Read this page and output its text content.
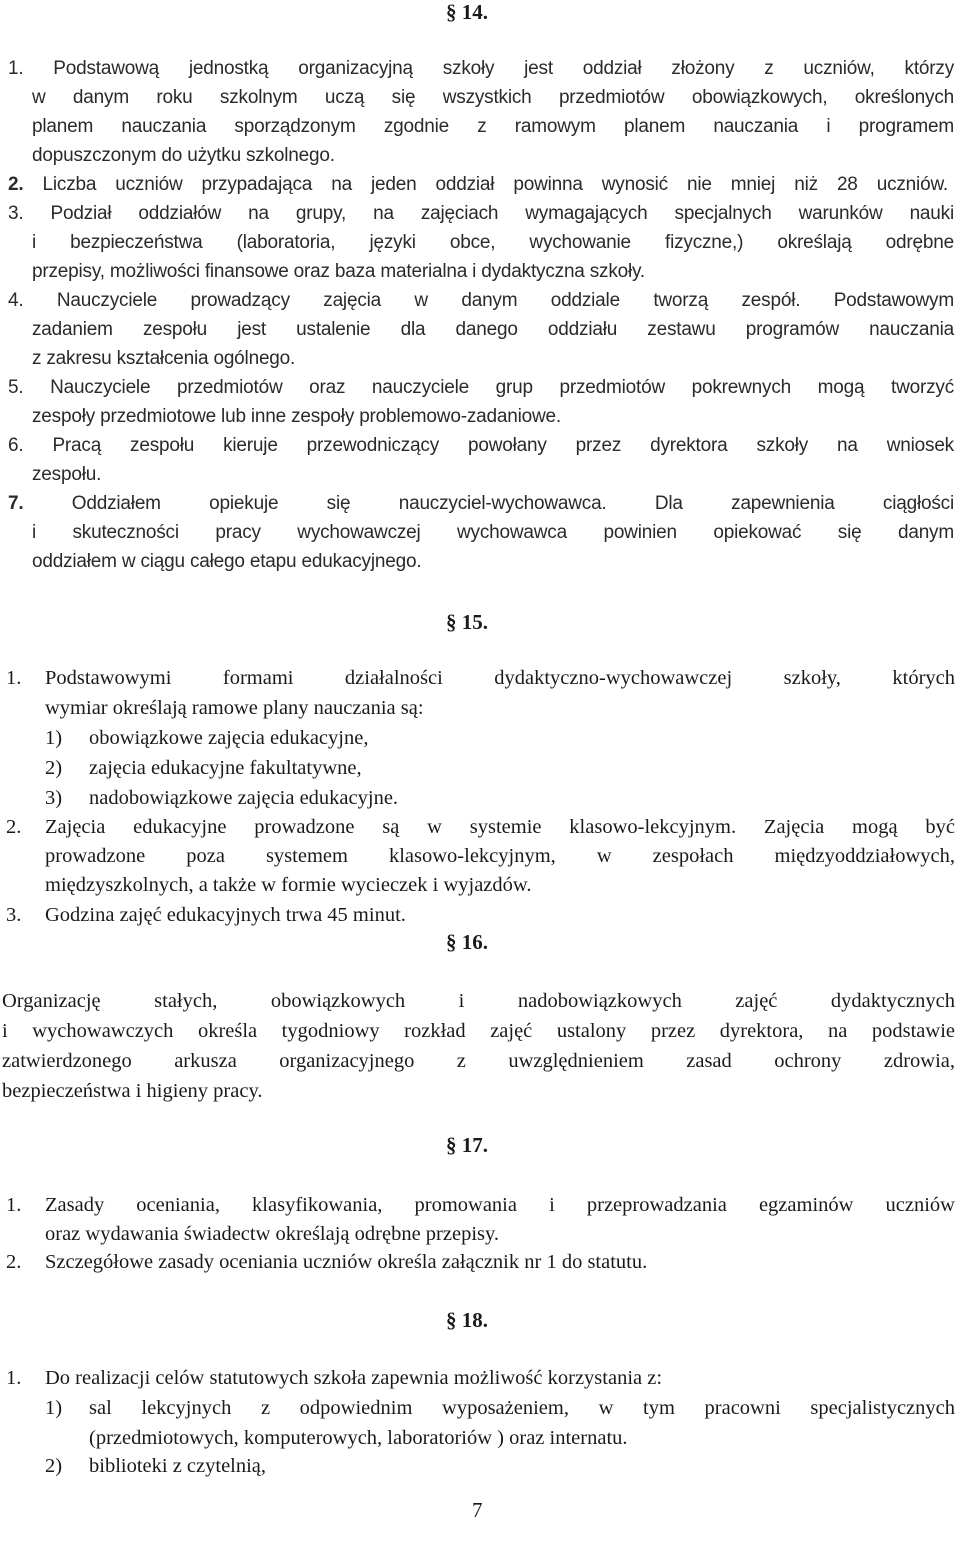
§ 14.
1. Podstawową jednostką organizacyjną szkoły jest oddział złożony z uczniów, którzy
w danym roku szkolnym uczą się wszystkich przedmiotów obowiązkowych, określonych
planem nauczania sporządzonym zgodnie z ramowym planem nauczania i programem
dopuszczonym do użytku szkolnego.
2. Liczba uczniów przypadająca na jeden oddział powinna wynosić nie mniej niż 28 uczniów.
3. Podział oddziałów na grupy, na zajęciach wymagających specjalnych warunków nauki
i bezpieczeństwa (laboratoria, języki obce, wychowanie fizyczne,) określają odrębne
przepisy, możliwości finansowe oraz baza materialna i dydaktyczna szkoły.
4. Nauczyciele prowadzący zajęcia w danym oddziale tworzą zespół. Podstawowym
zadaniem zespołu jest ustalenie dla danego oddziału zestawu programów nauczania
z zakresu kształcenia ogólnego.
5. Nauczyciele przedmiotów oraz nauczyciele grup przedmiotów pokrewnych mogą tworzyć
zespoły przedmiotowe lub inne zespoły problemowo-zadaniowe.
6. Pracą zespołu kieruje przewodniczący powołany przez dyrektora szkoły na wniosek
zespołu.
7.	Oddziałem opiekuje się nauczyciel-wychowawca. Dla zapewnienia ciągłości
i skuteczności pracy wychowawczej wychowawca powinien opiekować się danym
oddziałem w ciągu całego etapu edukacyjnego.
§ 15.
1. Podstawowymi formami działalności dydaktyczno-wychowawczej szkoły, których
wymiar określają ramowe plany nauczania są:
1) obowiązkowe zajęcia edukacyjne,
2) zajęcia edukacyjne fakultatywne,
3) nadobowiązkowe zajęcia edukacyjne.
2. Zajęcia edukacyjne prowadzone są w systemie klasowo-lekcyjnym. Zajęcia mogą być
prowadzone poza systemem klasowo-lekcyjnym, w zespołach międzyoddziałowych,
międzyszkolnych, a także w formie wycieczek i wyjazdów.
3. Godzina zajęć edukacyjnych trwa 45 minut.
§ 16.
Organizację stałych, obowiązkowych i nadobowiązkowych zajęć dydaktycznych
i wychowawczych określa tygodniowy rozkład zajęć ustalony przez dyrektora, na podstawie
zatwierdzonego arkusza organizacyjnego z uwzględnieniem zasad ochrony zdrowia,
bezpieczeństwa i higieny pracy.
§ 17.
1. Zasady oceniania, klasyfikowania, promowania i przeprowadzania egzaminów uczniów
oraz wydawania świadectw określają odrębne przepisy.
2. Szczegółowe zasady oceniania uczniów określa załącznik nr 1 do statutu.
§ 18.
1. Do realizacji celów statutowych szkoła zapewnia możliwość korzystania z:
1) sal lekcyjnych z odpowiednim wyposażeniem, w tym pracowni specjalistycznych
(przedmiotowych, komputerowych, laboratoriów ) oraz internatu.
2) biblioteki z czytelnią,
7
